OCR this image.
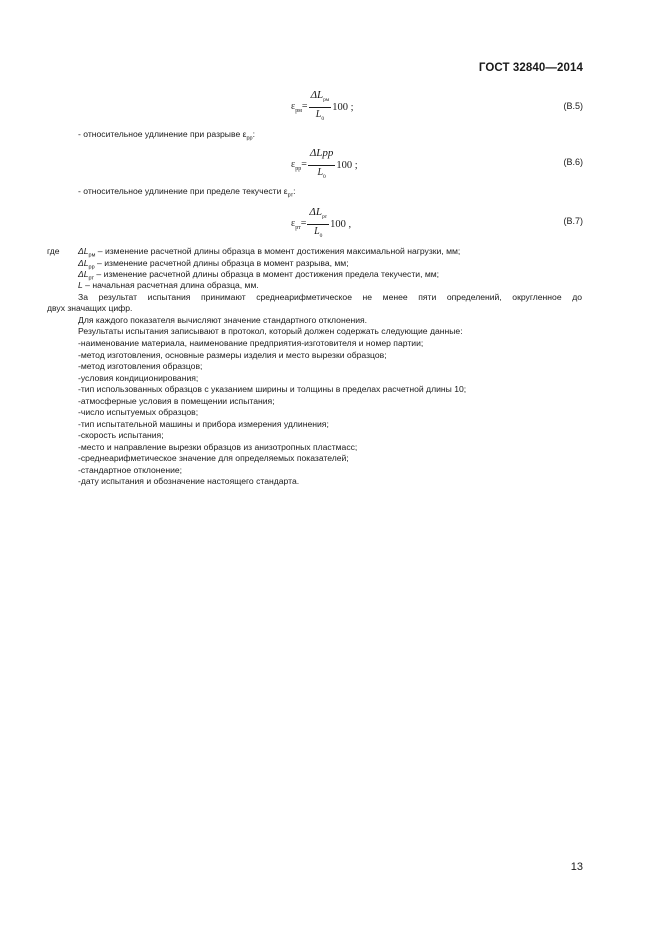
ГОСТ 32840—2014
$\varepsilon_{рм}= \frac{\Delta L_{рм}}{L_0} 100$ ;	(В.5)
- относительное удлинение при разрыве $\varepsilon_{рр}$:
$\varepsilon_{рр}= \frac{\text{ΔLрр}}{L_0} 100$ ;	(В.6)
- относительное удлинение при пределе текучести $\varepsilon_{рт}$:
$\varepsilon_{рт}= \frac{\Delta L_{рт}}{L_0} 100$ ,	(В.7)
где $\Delta L_{рм}$ – изменение расчетной длины образца в момент достижения максимальной нагрузки, мм;
$\Delta L_{рр}$ – изменение расчетной длины образца в момент разрыва, мм;
$\Delta L_{рт}$ – изменение расчетной длины образца в момент достижения предела текучести, мм;
L – начальная расчетная длина образца, мм.
За результат испытания принимают среднеарифметическое не менее пяти определений, округленное до
двух значащих цифр.
Для каждого показателя вычисляют значение стандартного отклонения.
Результаты испытания записывают в протокол, который должен содержать следующие данные:
-наименование материала, наименование предприятия-изготовителя и номер партии;
-метод изготовления, основные размеры изделия и место вырезки образцов;
-метод изготовления образцов;
-условия кондиционирования;
-тип использованных образцов с указанием ширины и толщины в пределах расчетной длины 10;
-атмосферные условия в помещении испытания;
-число испытуемых образцов;
-тип испытательной машины и прибора измерения удлинения;
-скорость испытания;
-место и направление вырезки образцов из анизотропных пластмасс;
-среднеарифметическое значение для определяемых показателей;
-стандартное отклонение;
-дату испытания и обозначение настоящего стандарта.
13
